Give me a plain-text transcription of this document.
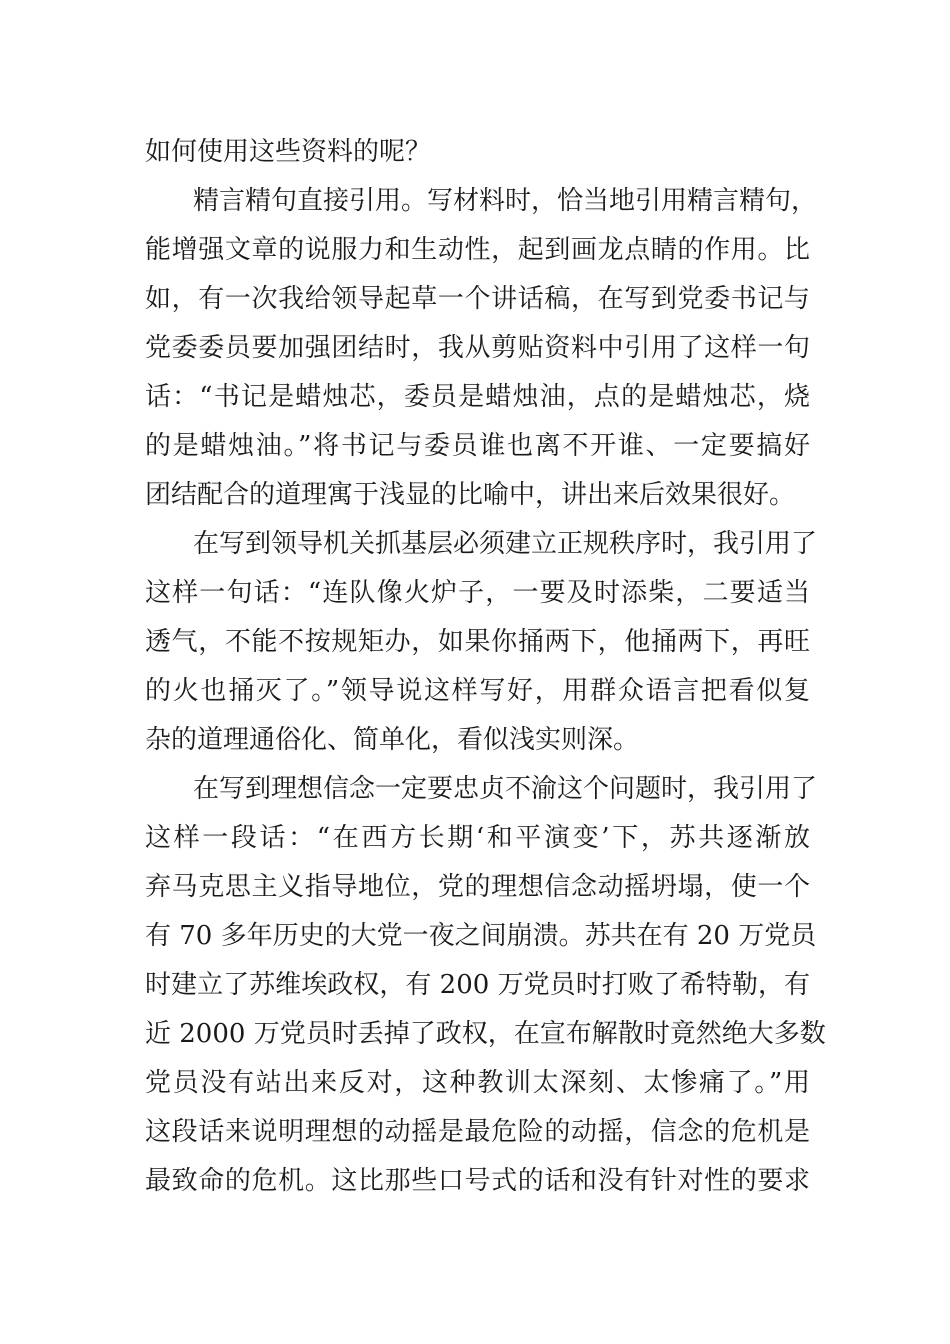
如何使用这些资料的呢？
精言精句直接引用。写材料时，恰当地引用精言精句，
能增强文章的说服力和生动性，起到画龙点睛的作用。比
如，有一次我给领导起草一个讲话稿，在写到党委书记与
党委委员要加强团结时，我从剪贴资料中引用了这样一句
话：“书记是蜡烛芯，委员是蜡烛油，点的是蜡烛芯，烧
的是蜡烛油。”将书记与委员谁也离不开谁、一定要搞好
团结配合的道理寓于浅显的比喻中，讲出来后效果很好。
在写到领导机关抓基层必须建立正规秩序时，我引用了
这样一句话：“连队像火炉子，一要及时添柴，二要适当
透气，不能不按规矩办，如果你捅两下，他捅两下，再旺
的火也捅灭了。”领导说这样写好，用群众语言把看似复
杂的道理通俗化、简单化，看似浅实则深。
在写到理想信念一定要忠贞不渝这个问题时，我引用了
这样一段话：“在西方长期‘和平演变’下，苏共逐渐放
弃马克思主义指导地位，党的理想信念动摇坍塌，使一个
有 70 多年历史的大党一夜之间崩溃。苏共在有 20 万党员
时建立了苏维埃政权，有 200 万党员时打败了希特勒，有
近 2000 万党员时丢掉了政权，在宣布解散时竟然绝大多数
党员没有站出来反对，这种教训太深刻、太惨痛了。”用
这段话来说明理想的动摇是最危险的动摇，信念的危机是
最致命的危机。这比那些口号式的话和没有针对性的要求
